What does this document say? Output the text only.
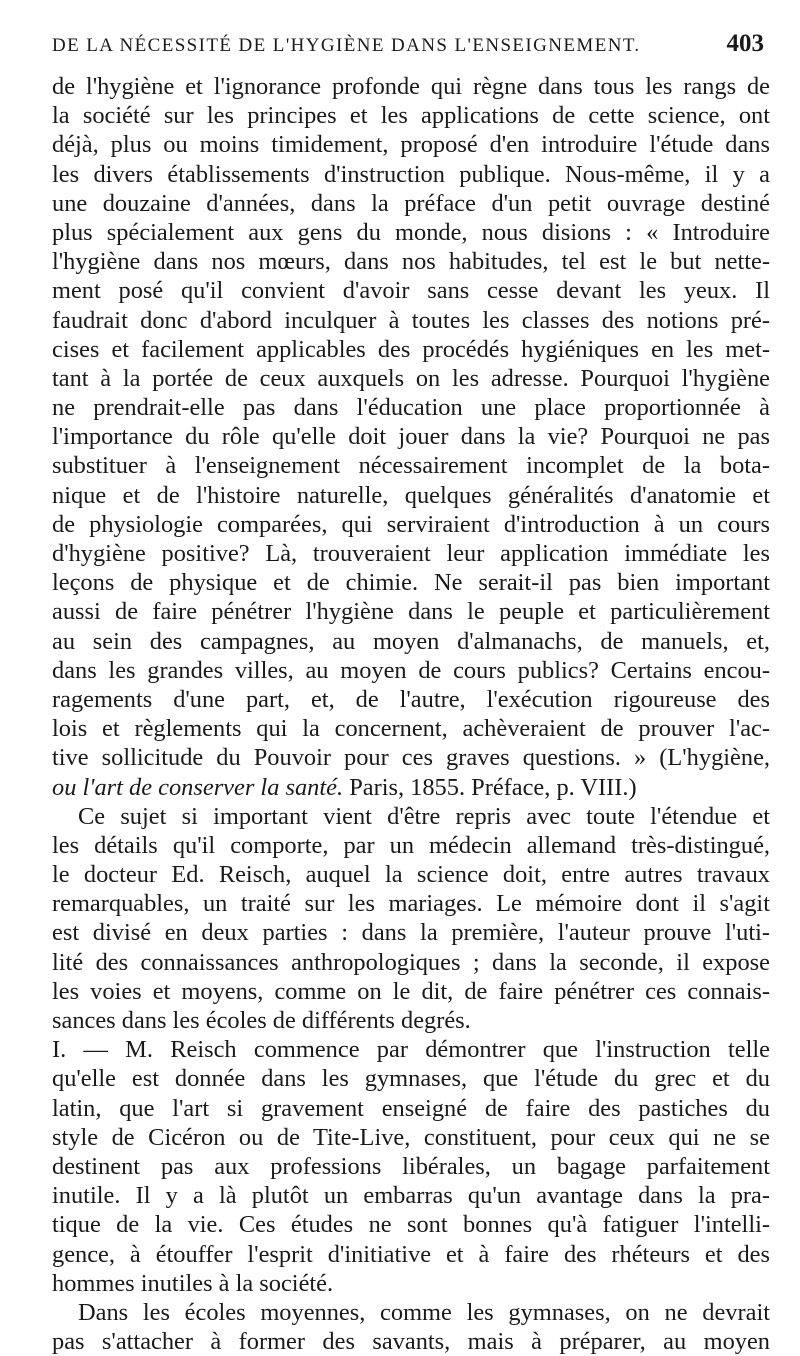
DE LA NÉCESSITÉ DE L'HYGIÈNE DANS L'ENSEIGNEMENT.	403
de l'hygiène et l'ignorance profonde qui règne dans tous les rangs de
la société sur les principes et les applications de cette science, ont
déjà, plus ou moins timidement, proposé d'en introduire l'étude dans
les divers établissements d'instruction publique. Nous-même, il y a
une douzaine d'années, dans la préface d'un petit ouvrage destiné
plus spécialement aux gens du monde, nous disions : « Introduire
l'hygiène dans nos mœurs, dans nos habitudes, tel est le but nette-
ment posé qu'il convient d'avoir sans cesse devant les yeux. Il
faudrait donc d'abord inculquer à toutes les classes des notions pré-
cises et facilement applicables des procédés hygiéniques en les met-
tant à la portée de ceux auxquels on les adresse. Pourquoi l'hygiène
ne prendrait-elle pas dans l'éducation une place proportionnée à
l'importance du rôle qu'elle doit jouer dans la vie? Pourquoi ne pas
substituer à l'enseignement nécessairement incomplet de la bota-
nique et de l'histoire naturelle, quelques généralités d'anatomie et
de physiologie comparées, qui serviraient d'introduction à un cours
d'hygiène positive? Là, trouveraient leur application immédiate les
leçons de physique et de chimie. Ne serait-il pas bien important
aussi de faire pénétrer l'hygiène dans le peuple et particulièrement
au sein des campagnes, au moyen d'almanachs, de manuels, et,
dans les grandes villes, au moyen de cours publics? Certains encou-
ragements d'une part, et, de l'autre, l'exécution rigoureuse des
lois et règlements qui la concernent, achèveraient de prouver l'ac-
tive sollicitude du Pouvoir pour ces graves questions. » (L'hygiène,
ou l'art de conserver la santé. Paris, 1855. Préface, p. VIII.)
Ce sujet si important vient d'être repris avec toute l'étendue et
les détails qu'il comporte, par un médecin allemand très-distingué,
le docteur Ed. Reisch, auquel la science doit, entre autres travaux
remarquables, un traité sur les mariages. Le mémoire dont il s'agit
est divisé en deux parties : dans la première, l'auteur prouve l'uti-
lité des connaissances anthropologiques ; dans la seconde, il expose
les voies et moyens, comme on le dit, de faire pénétrer ces connais-
sances dans les écoles de différents degrés.
I. — M. Reisch commence par démontrer que l'instruction telle
qu'elle est donnée dans les gymnases, que l'étude du grec et du
latin, que l'art si gravement enseigné de faire des pastiches du
style de Cicéron ou de Tite-Live, constituent, pour ceux qui ne se
destinent pas aux professions libérales, un bagage parfaitement
inutile. Il y a là plutôt un embarras qu'un avantage dans la pra-
tique de la vie. Ces études ne sont bonnes qu'à fatiguer l'intelli-
gence, à étouffer l'esprit d'initiative et à faire des rhéteurs et des
hommes inutiles à la société.
Dans les écoles moyennes, comme les gymnases, on ne devrait
pas s'attacher à former des savants, mais à préparer, au moyen
